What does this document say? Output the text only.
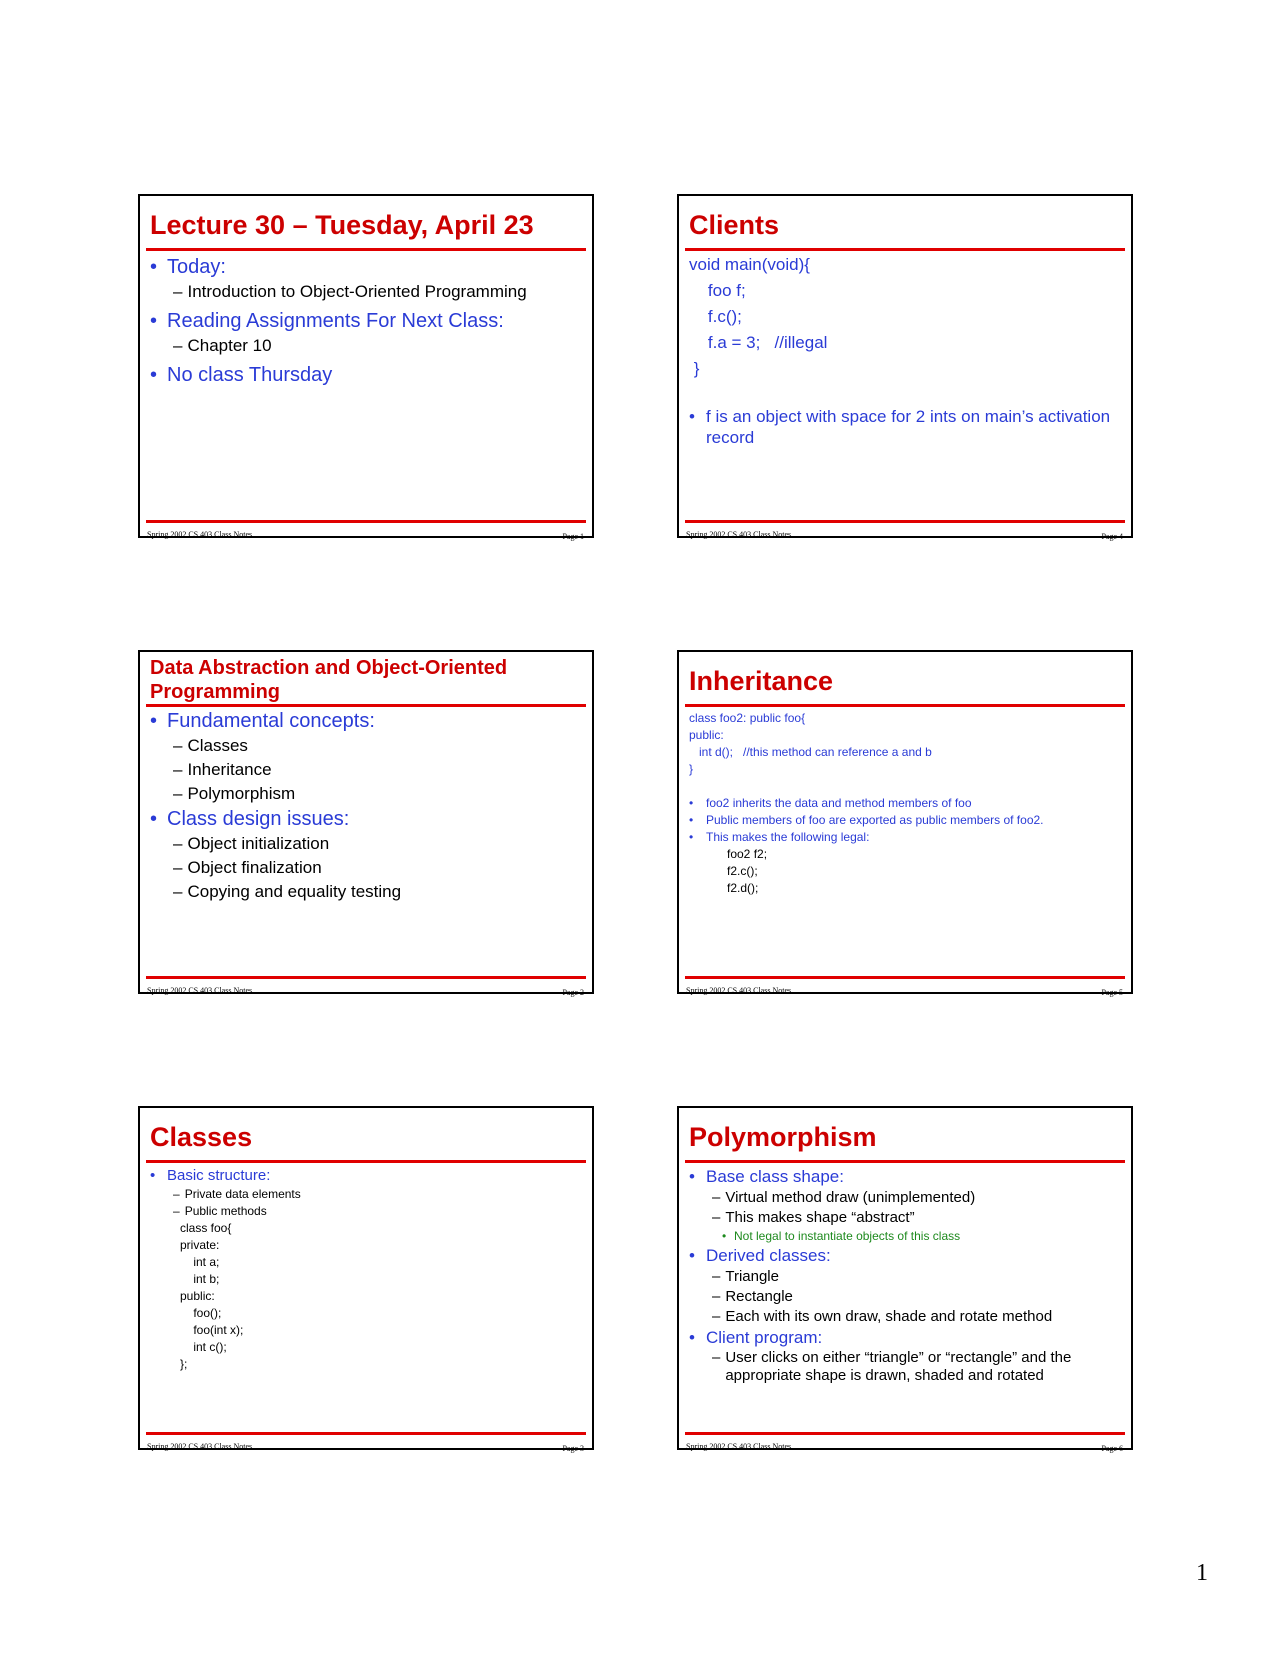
Lecture 30 – Tuesday, April 23

• Today:

– Introduction to Object-Oriented Programming

• Reading Assignments For Next Class:

– Chapter 10

• No class Thursday

Spring 2002 CS 403 Class Notes	Page 1
Clients

void main(void){

foo f;

f.c();

f.a = 3;   //illegal

}

• f is an object with space for 2 ints on main’s activation record

Spring 2002 CS 403 Class Notes	Page 4
Data Abstraction and Object-Oriented Programming

• Fundamental concepts:

– Classes

– Inheritance

– Polymorphism

• Class design issues:

– Object initialization

– Object finalization

– Copying and equality testing

Spring 2002 CS 403 Class Notes	Page 2
Inheritance

class foo2: public foo{

public:

int d();   //this method can reference a and b

}

• foo2 inherits the data and method members of foo

• Public members of foo are exported as public members of foo2.

• This makes the following legal:

foo2 f2;

f2.c();

f2.d();

Spring 2002 CS 403 Class Notes	Page 5
Classes

• Basic structure:

– Private data elements

– Public methods

class foo{

private:

int a;

int b;

public:

foo();

foo(int x);

int c();

};

Spring 2002 CS 403 Class Notes	Page 3
Polymorphism

• Base class shape:

– Virtual method draw (unimplemented)

– This makes shape “abstract”

• Not legal to instantiate objects of this class

• Derived classes:

– Triangle

– Rectangle

– Each with its own draw, shade and rotate method

• Client program:

– User clicks on either “triangle” or “rectangle” and the appropriate shape is drawn, shaded and rotated

Spring 2002 CS 403 Class Notes	Page 6
1
